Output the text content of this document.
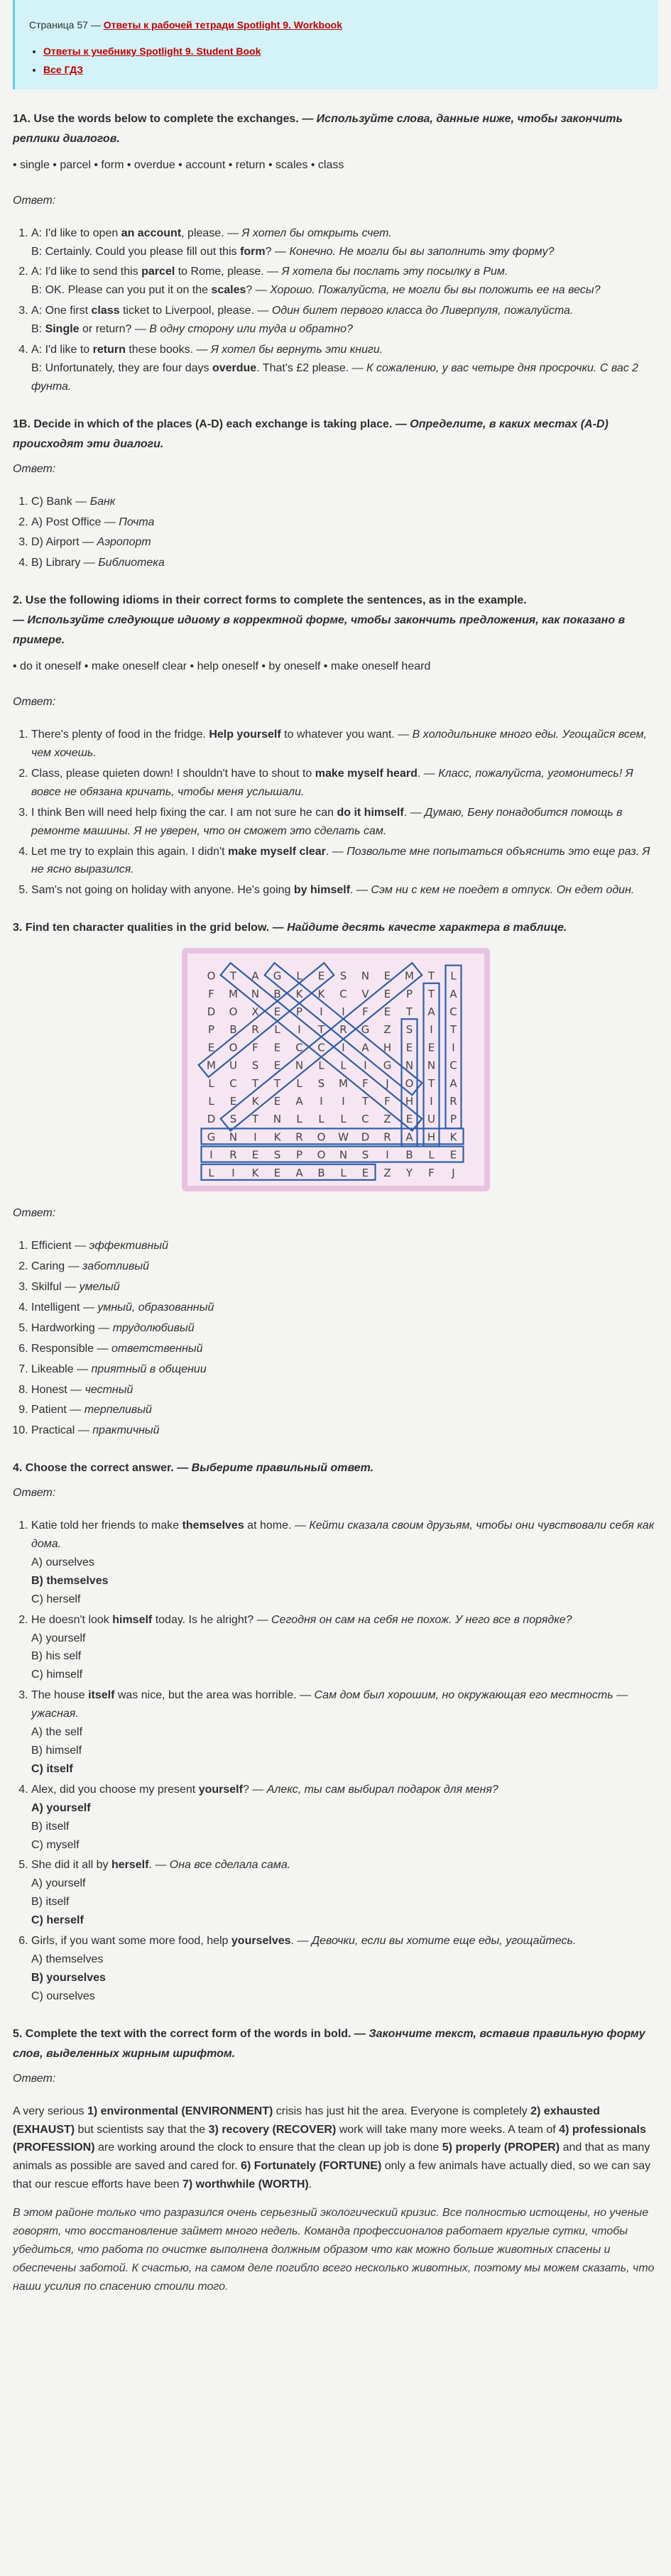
Страница 57 — Ответы к рабочей тетради Spotlight 9. Workbook
• Ответы к учебнику Spotlight 9. Student Book
• Все ГДЗ
1A. Use the words below to complete the exchanges. — Используйте слова, данные ниже, чтобы закончить реплики диалогов.

• single • parcel • form • overdue • account • return • scales • class

Ответ:

1. A: I'd like to open an account, please. — Я хотел бы открыть счет.
B: Certainly. Could you please fill out this form? — Конечно. Не могли бы вы заполнить эту форму?
2. A: I'd like to send this parcel to Rome, please. — Я хотела бы послать эту посылку в Рим.
B: OK. Please can you put it on the scales? — Хорошо. Пожалуйста, не могли бы вы положить ее на весы?
3. A: One first class ticket to Liverpool, please. — Один билет первого класса до Ливерпуля, пожалуйста.
B: Single or return? — В одну сторону или туда и обратно?
4. A: I'd like to return these books. — Я хотел бы вернуть эти книги.
B: Unfortunately, they are four days overdue. That's £2 please. — К сожалению, у вас четыре дня просрочки. С вас 2 фунта.
1B. Decide in which of the places (A-D) each exchange is taking place. — Определите, в каких местах (A-D) происходят эти диалоги.

Ответ:

1. C) Bank — Банк
2. A) Post Office — Почта
3. D) Airport — Аэропорт
4. B) Library — Библиотека
2. Use the following idioms in their correct forms to complete the sentences, as in the example.
— Используйте следующие идиому в корректной форме, чтобы закончить предложения, как показано в примере.

• do it oneself • make oneself clear • help oneself • by oneself • make oneself heard

Ответ:

1. There's plenty of food in the fridge. Help yourself to whatever you want. — В холодильнике много еды. Угощайся всем, чем хочешь.
2. Class, please quieten down! I shouldn't have to shout to make myself heard. — Класс, пожалуйста, угомонитесь! Я вовсе не обязана кричать, чтобы меня услышали.
3. I think Ben will need help fixing the car. I am not sure he can do it himself. — Думаю, Бену понадобится помощь в ремонте машины. Я не уверен, что он сможет это сделать сам.
4. Let me try to explain this again. I didn't make myself clear. — Позвольте мне попытаться объяснить это еще раз. Я не ясно выразился.
5. Sam's not going on holiday with anyone. He's going by himself. — Сэм ни с кем не поедет в отпуск. Он едет один.
3. Find ten character qualities in the grid below. — Найдите десять качесте характера в таблице.
O T A G L E S N E M T L
F M N B K K C V E P T A
D O X E P I I F E T A C
P B R L I T R G Z S I T
E O F E C C I A H E E I
M U S E N L L I G N N C
L C T T L S M F J O T A
L E K E A I I T F H I R
D S T N L L L C Z E U P
G N I K R O W D R A H K
I R E S P O N S I B L E
L I K E A B L E Z Y F J

Ответ:

1. Efficient — эффективный
2. Caring — заботливый
3. Skilful — умелый
4. Intelligent — умный, образованный
5. Hardworking — трудолюбивый
6. Responsible — ответственный
7. Likeable — приятный в общении
8. Honest — честный
9. Patient — терпеливый
10. Practical — практичный
4. Choose the correct answer. — Выберите правильный ответ.

Ответ:

1. Katie told her friends to make themselves at home. — Кейти сказала своим друзьям, чтобы они чувствовали себя как дома.
A) ourselves
B) themselves
C) herself
2. He doesn't look himself today. Is he alright? — Сегодня он сам на себя не похож. У него все в порядке?
A) yourself
B) his self
C) himself
3. The house itself was nice, but the area was horrible. — Сам дом был хорошим, но окружающая его местность — ужасная.
A) the self
B) himself
C) itself
4. Alex, did you choose my present yourself? — Алекс, ты сам выбирал подарок для меня?
A) yourself
B) itself
C) myself
5. She did it all by herself. — Она все сделала сама.
A) yourself
B) itself
C) herself
6. Girls, if you want some more food, help yourselves. — Девочки, если вы хотите еще еды, угощайтесь.
A) themselves
B) yourselves
C) ourselves
5. Complete the text with the correct form of the words in bold. — Закончите текст, вставив правильную форму слов, выделенных жирным шрифтом.

Ответ:

A very serious 1) environmental (ENVIRONMENT) crisis has just hit the area. Everyone is completely 2) exhausted (EXHAUST) but scientists say that the 3) recovery (RECOVER) work will take many more weeks. A team of 4) professionals (PROFESSION) are working around the clock to ensure that the clean up job is done 5) properly (PROPER) and that as many animals as possible are saved and cared for. 6) Fortunately (FORTUNE) only a few animals have actually died, so we can say that our rescue efforts have been 7) worthwhile (WORTH).

В этом районе только что разразился очень серьезный экологический кризис. Все полностью истощены, но ученые говорят, что восстановление займет много недель. Команда профессионалов работает круглые сутки, чтобы убедиться, что работа по очистке выполнена должным образом что как можно больше животных спасены и обеспечены заботой. К счастью, на самом деле погибло всего несколько животных, поэтому мы можем сказать, что наши усилия по спасению стоили того.
